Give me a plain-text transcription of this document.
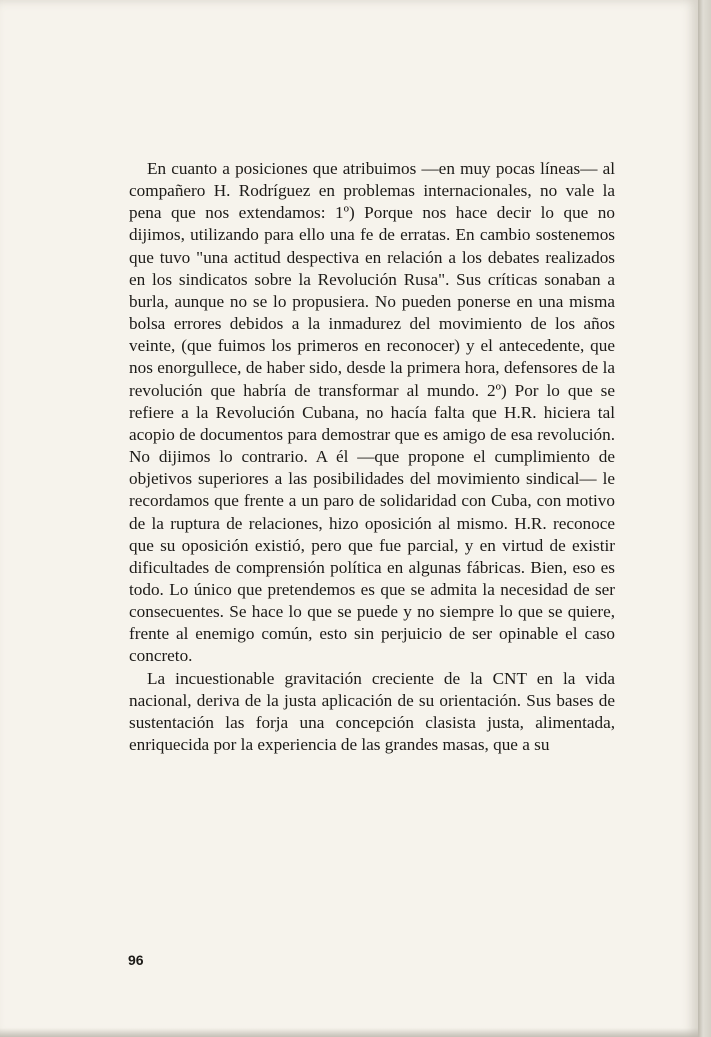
En cuanto a posiciones que atribuimos —en muy pocas líneas— al compañero H. Rodríguez en problemas internacionales, no vale la pena que nos extendamos: 1º) Porque nos hace decir lo que no dijimos, utilizando para ello una fe de erratas. En cambio sostenemos que tuvo "una actitud despectiva en relación a los debates realizados en los sindicatos sobre la Revolución Rusa". Sus críticas sonaban a burla, aunque no se lo propusiera. No pueden ponerse en una misma bolsa errores debidos a la inmadurez del movimiento de los años veinte, (que fuimos los primeros en reconocer) y el antecedente, que nos enorgullece, de haber sido, desde la primera hora, defensores de la revolución que habría de transformar al mundo. 2º) Por lo que se refiere a la Revolución Cubana, no hacía falta que H.R. hiciera tal acopio de documentos para demostrar que es amigo de esa revolución. No dijimos lo contrario. A él —que propone el cumplimiento de objetivos superiores a las posibilidades del movimiento sindical— le recordamos que frente a un paro de solidaridad con Cuba, con motivo de la ruptura de relaciones, hizo oposición al mismo. H.R. reconoce que su oposición existió, pero que fue parcial, y en virtud de existir dificultades de comprensión política en algunas fábricas. Bien, eso es todo. Lo único que pretendemos es que se admita la necesidad de ser consecuentes. Se hace lo que se puede y no siempre lo que se quiere, frente al enemigo común, esto sin perjuicio de ser opinable el caso concreto.

La incuestionable gravitación creciente de la CNT en la vida nacional, deriva de la justa aplicación de su orientación. Sus bases de sustentación las forja una concepción clasista justa, alimentada, enriquecida por la experiencia de las grandes masas, que a su

96
